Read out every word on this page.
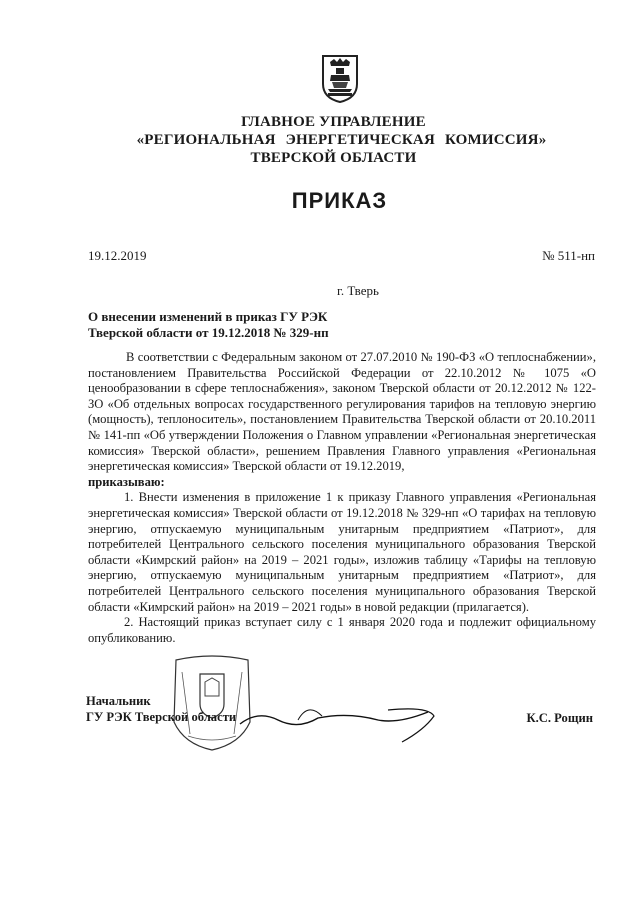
ГЛАВНОЕ УПРАВЛЕНИЕ
«РЕГИОНАЛЬНАЯ ЭНЕРГЕТИЧЕСКАЯ КОМИССИЯ»
ТВЕРСКОЙ ОБЛАСТИ
ПРИКАЗ
19.12.2019	№ 511-нп
г. Тверь
О внесении изменений в приказ ГУ РЭК
Тверской области от 19.12.2018 № 329-нп

В соответствии с Федеральным законом от 27.07.2010 № 190-ФЗ «О теплоснабжении», постановлением Правительства Российской Федерации от 22.10.2012 № 1075 «О ценообразовании в сфере теплоснабжения», законом Тверской области от 20.12.2012 № 122-ЗО «Об отдельных вопросах государственного регулирования тарифов на тепловую энергию (мощность), теплоноситель», постановлением Правительства Тверской области от 20.10.2011 № 141-пп «Об утверждении Положения о Главном управлении «Региональная энергетическая комиссия» Тверской области», решением Правления Главного управления «Региональная энергетическая комиссия» Тверской области от 19.12.2019,

приказываю:

1. Внести изменения в приложение 1 к приказу Главного управления «Региональная энергетическая комиссия» Тверской области от 19.12.2018 № 329-нп «О тарифах на тепловую энергию, отпускаемую муниципальным унитарным предприятием «Патриот», для потребителей Центрального сельского поселения муниципального образования Тверской области «Кимрский район» на 2019 – 2021 годы», изложив таблицу «Тарифы на тепловую энергию, отпускаемую муниципальным унитарным предприятием «Патриот», для потребителей Центрального сельского поселения муниципального образования Тверской области «Кимрский район» на 2019 – 2021 годы» в новой редакции (прилагается).

2. Настоящий приказ вступает силу с 1 января 2020 года и подлежит официальному опубликованию.

Начальник
ГУ РЭК Тверской области	К.С. Рощин
